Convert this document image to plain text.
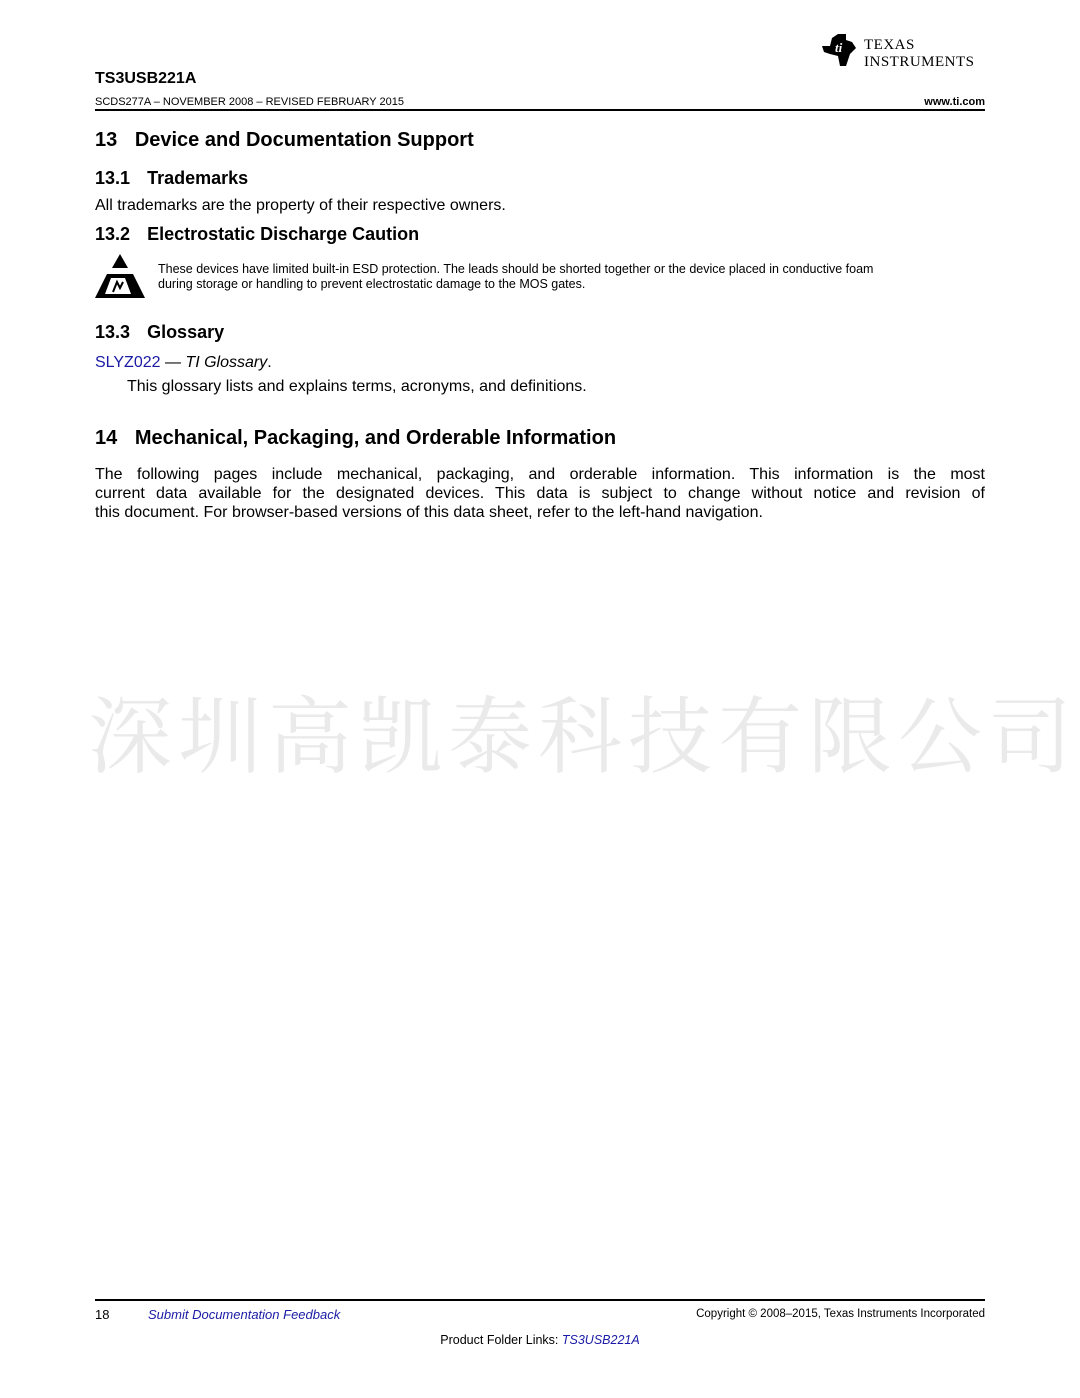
ti TEXAS
INSTRUMENTS
TS3USB221A
SCDS277A – NOVEMBER 2008 – REVISED FEBRUARY 2015	www.ti.com
13 Device and Documentation Support
13.1 Trademarks
All trademarks are the property of their respective owners.
13.2 Electrostatic Discharge Caution
These devices have limited built-in ESD protection. The leads should be shorted together or the device placed in conductive foam
during storage or handling to prevent electrostatic damage to the MOS gates.
13.3 Glossary
SLYZ022 — TI Glossary.
This glossary lists and explains terms, acronyms, and definitions.
14 Mechanical, Packaging, and Orderable Information
The following pages include mechanical, packaging, and orderable information. This information is the most
current data available for the designated devices. This data is subject to change without notice and revision of
this document. For browser-based versions of this data sheet, refer to the left-hand navigation.
深圳高凯泰科技有限公司
18	Submit Documentation Feedback	Copyright © 2008–2015, Texas Instruments Incorporated
Product Folder Links: TS3USB221A
